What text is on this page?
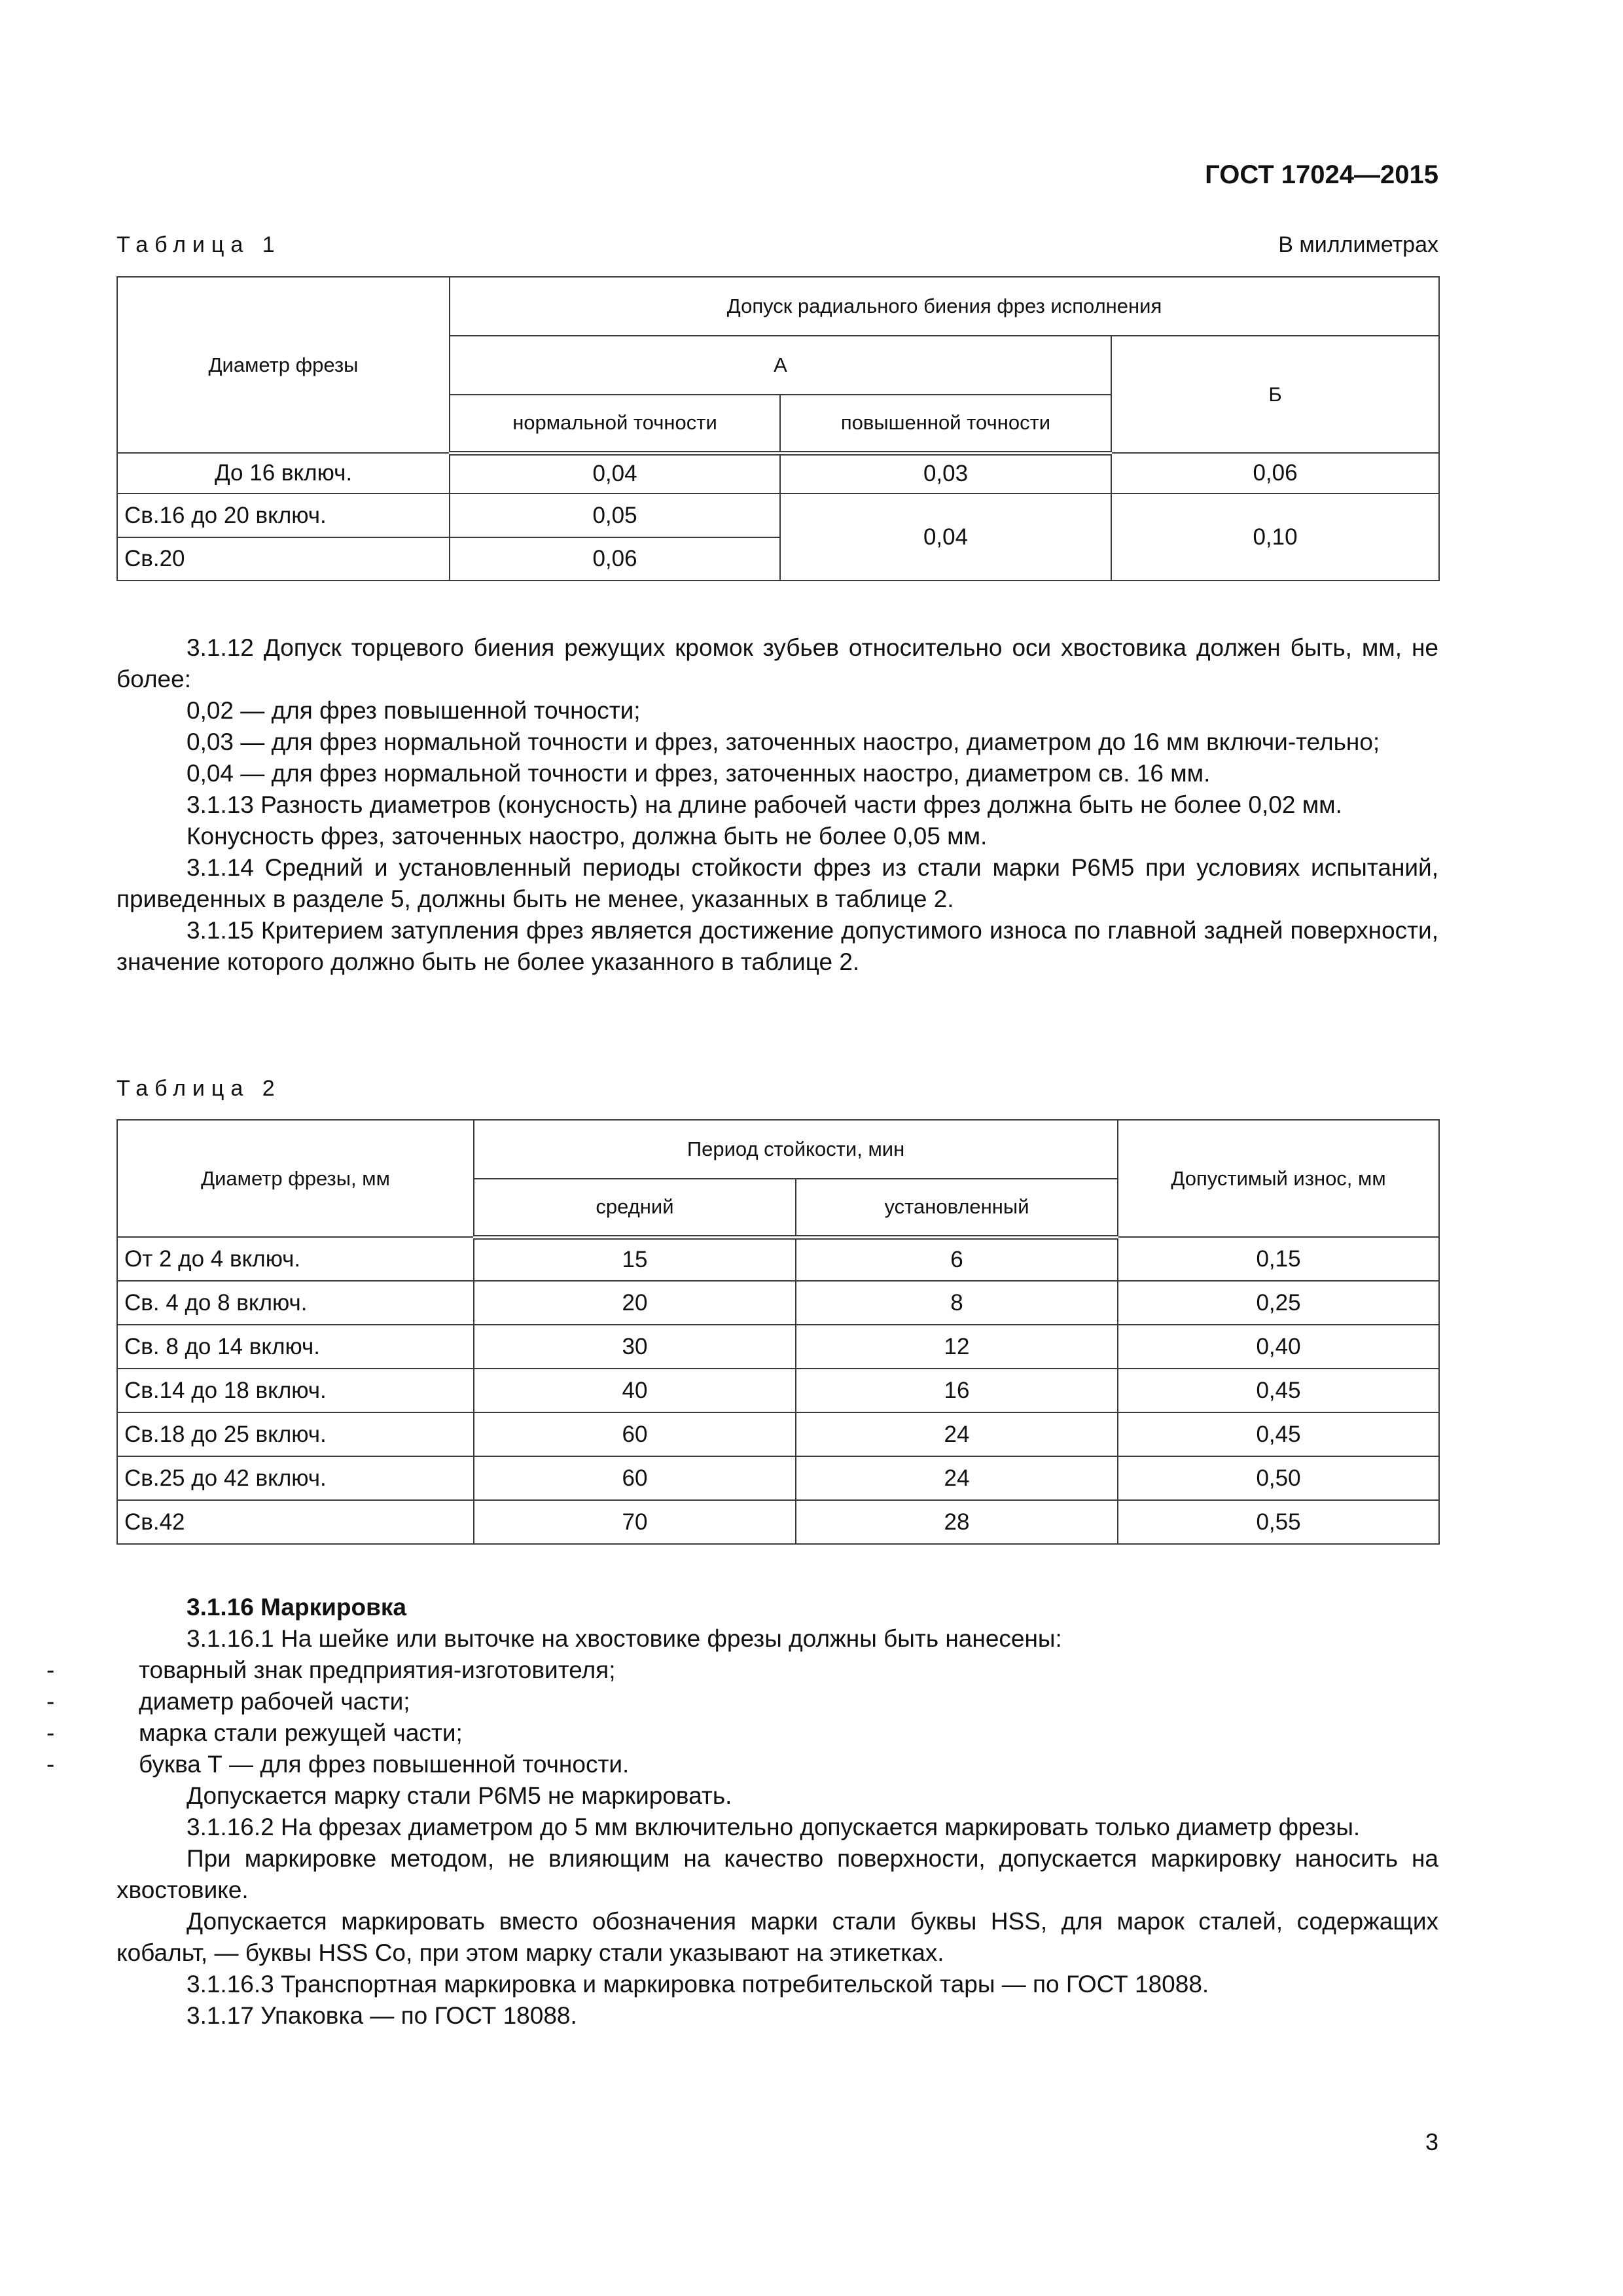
ГОСТ 17024—2015
Таблица 1	В миллиметрах
Диаметр фрезы	Допуск радиального биения фрез исполнения		
	А		Б
	нормальной точности	повышенной точности	
До 16 включ.	0,04	0,03	0,06
Св.16 до 20 включ.	0,05	0,04	0,10
Св.20	0,06		

3.1.12 Допуск торцевого биения режущих кромок зубьев относительно оси хвостовика должен быть, мм, не более:

0,02 — для фрез повышенной точности;

0,03 — для фрез нормальной точности и фрез, заточенных наостро, диаметром до 16 мм включи-тельно;

0,04 — для фрез нормальной точности и фрез, заточенных наостро, диаметром св. 16 мм.

3.1.13 Разность диаметров (конусность) на длине рабочей части фрез должна быть не более 0,02 мм.

Конусность фрез, заточенных наостро, должна быть не более 0,05 мм.

3.1.14 Средний и установленный периоды стойкости фрез из стали марки Р6М5 при условиях испытаний, приведенных в разделе 5, должны быть не менее, указанных в таблице 2.

3.1.15 Критерием затупления фрез является достижение допустимого износа по главной задней поверхности, значение которого должно быть не более указанного в таблице 2.

Таблица 2
Диаметр фрезы, мм	Период стойкости, мин		Допустимый износ, мм
	средний	установленный	
От 2 до 4 включ.	15	6	0,15
Св. 4 до 8 включ.	20	8	0,25
Св. 8 до 14 включ.	30	12	0,40
Св.14 до 18 включ.	40	16	0,45
Св.18 до 25 включ.	60	24	0,45
Св.25 до 42 включ.	60	24	0,50
Св.42	70	28	0,55

3.1.16 Маркировка

3.1.16.1 На шейке или выточке на хвостовике фрезы должны быть нанесены:

-	товарный знак предприятия-изготовителя;

-	диаметр рабочей части;

-	марка стали режущей части;

-	буква Т — для фрез повышенной точности.

Допускается марку стали Р6М5 не маркировать.

3.1.16.2 На фрезах диаметром до 5 мм включительно допускается маркировать только диаметр фрезы.

При маркировке методом, не влияющим на качество поверхности, допускается маркировку наносить на хвостовике.

Допускается маркировать вместо обозначения марки стали буквы HSS, для марок сталей, содержащих кобальт, — буквы HSS Co, при этом марку стали указывают на этикетках.

3.1.16.3 Транспортная маркировка и маркировка потребительской тары — по ГОСТ 18088.

3.1.17 Упаковка — по ГОСТ 18088.

3
